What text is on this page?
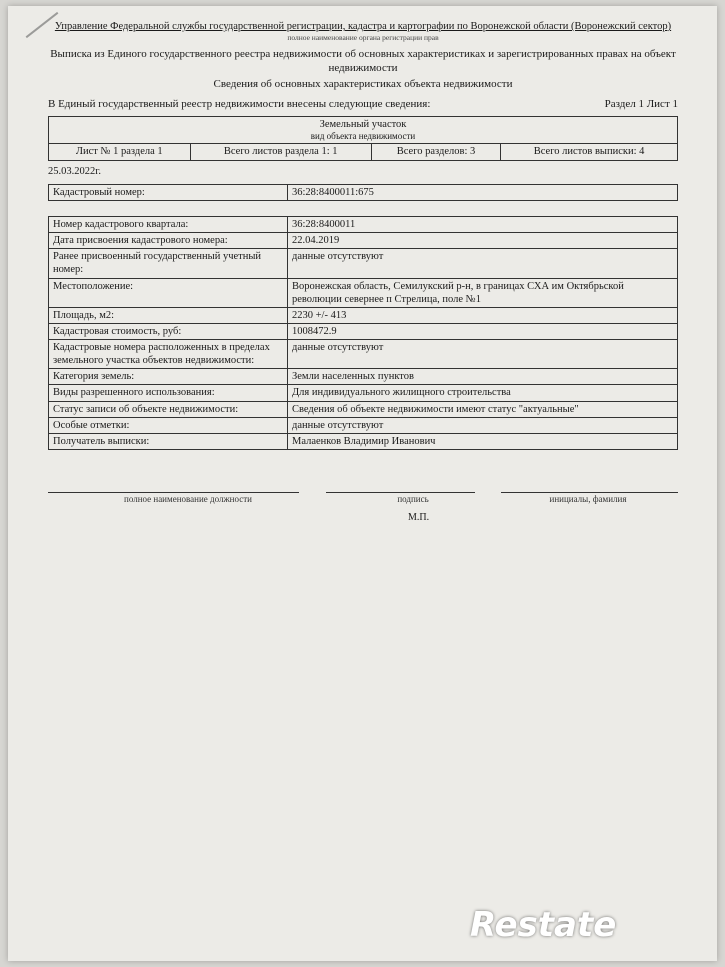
Управление Федеральной службы государственной регистрации, кадастра и картографии по Воронежской области (Воронежский сектор)
полное наименование органа регистрации прав
Выписка из Единого государственного реестра недвижимости об основных характеристиках и зарегистрированных правах на объект недвижимости
Сведения об основных характеристиках объекта недвижимости
В Единый государственный реестр недвижимости внесены следующие сведения:	Раздел 1 Лист 1
Земельный участок
вид объекта недвижимости

Лист № 1 раздела 1	Всего листов раздела 1: 1	Всего разделов: 3	Всего листов выписки: 4
25.03.2022г.
Кадастровый номер:	36:28:8400011:675
Номер кадастрового квартала:	36:28:8400011
Дата присвоения кадастрового номера:	22.04.2019
Ранее присвоенный государственный учетный номер:	данные отсутствуют
Местоположение:	Воронежская область, Семилукский р-н, в границах СХА им Октябрьской революции севернее п Стрелица, поле №1
Площадь, м2:	2230 +/- 413
Кадастровая стоимость, руб:	1008472.9
Кадастровые номера расположенных в пределах земельного участка объектов недвижимости:	данные отсутствуют
Категория земель:	Земли населенных пунктов
Виды разрешенного использования:	Для индивидуального жилищного строительства
Статус записи об объекте недвижимости:	Сведения об объекте недвижимости имеют статус "актуальные"
Особые отметки:	данные отсутствуют
Получатель выписки:	Малаенков Владимир Иванович

полное наименование должности	подпись	инициалы, фамилия
М.П.
Restate
